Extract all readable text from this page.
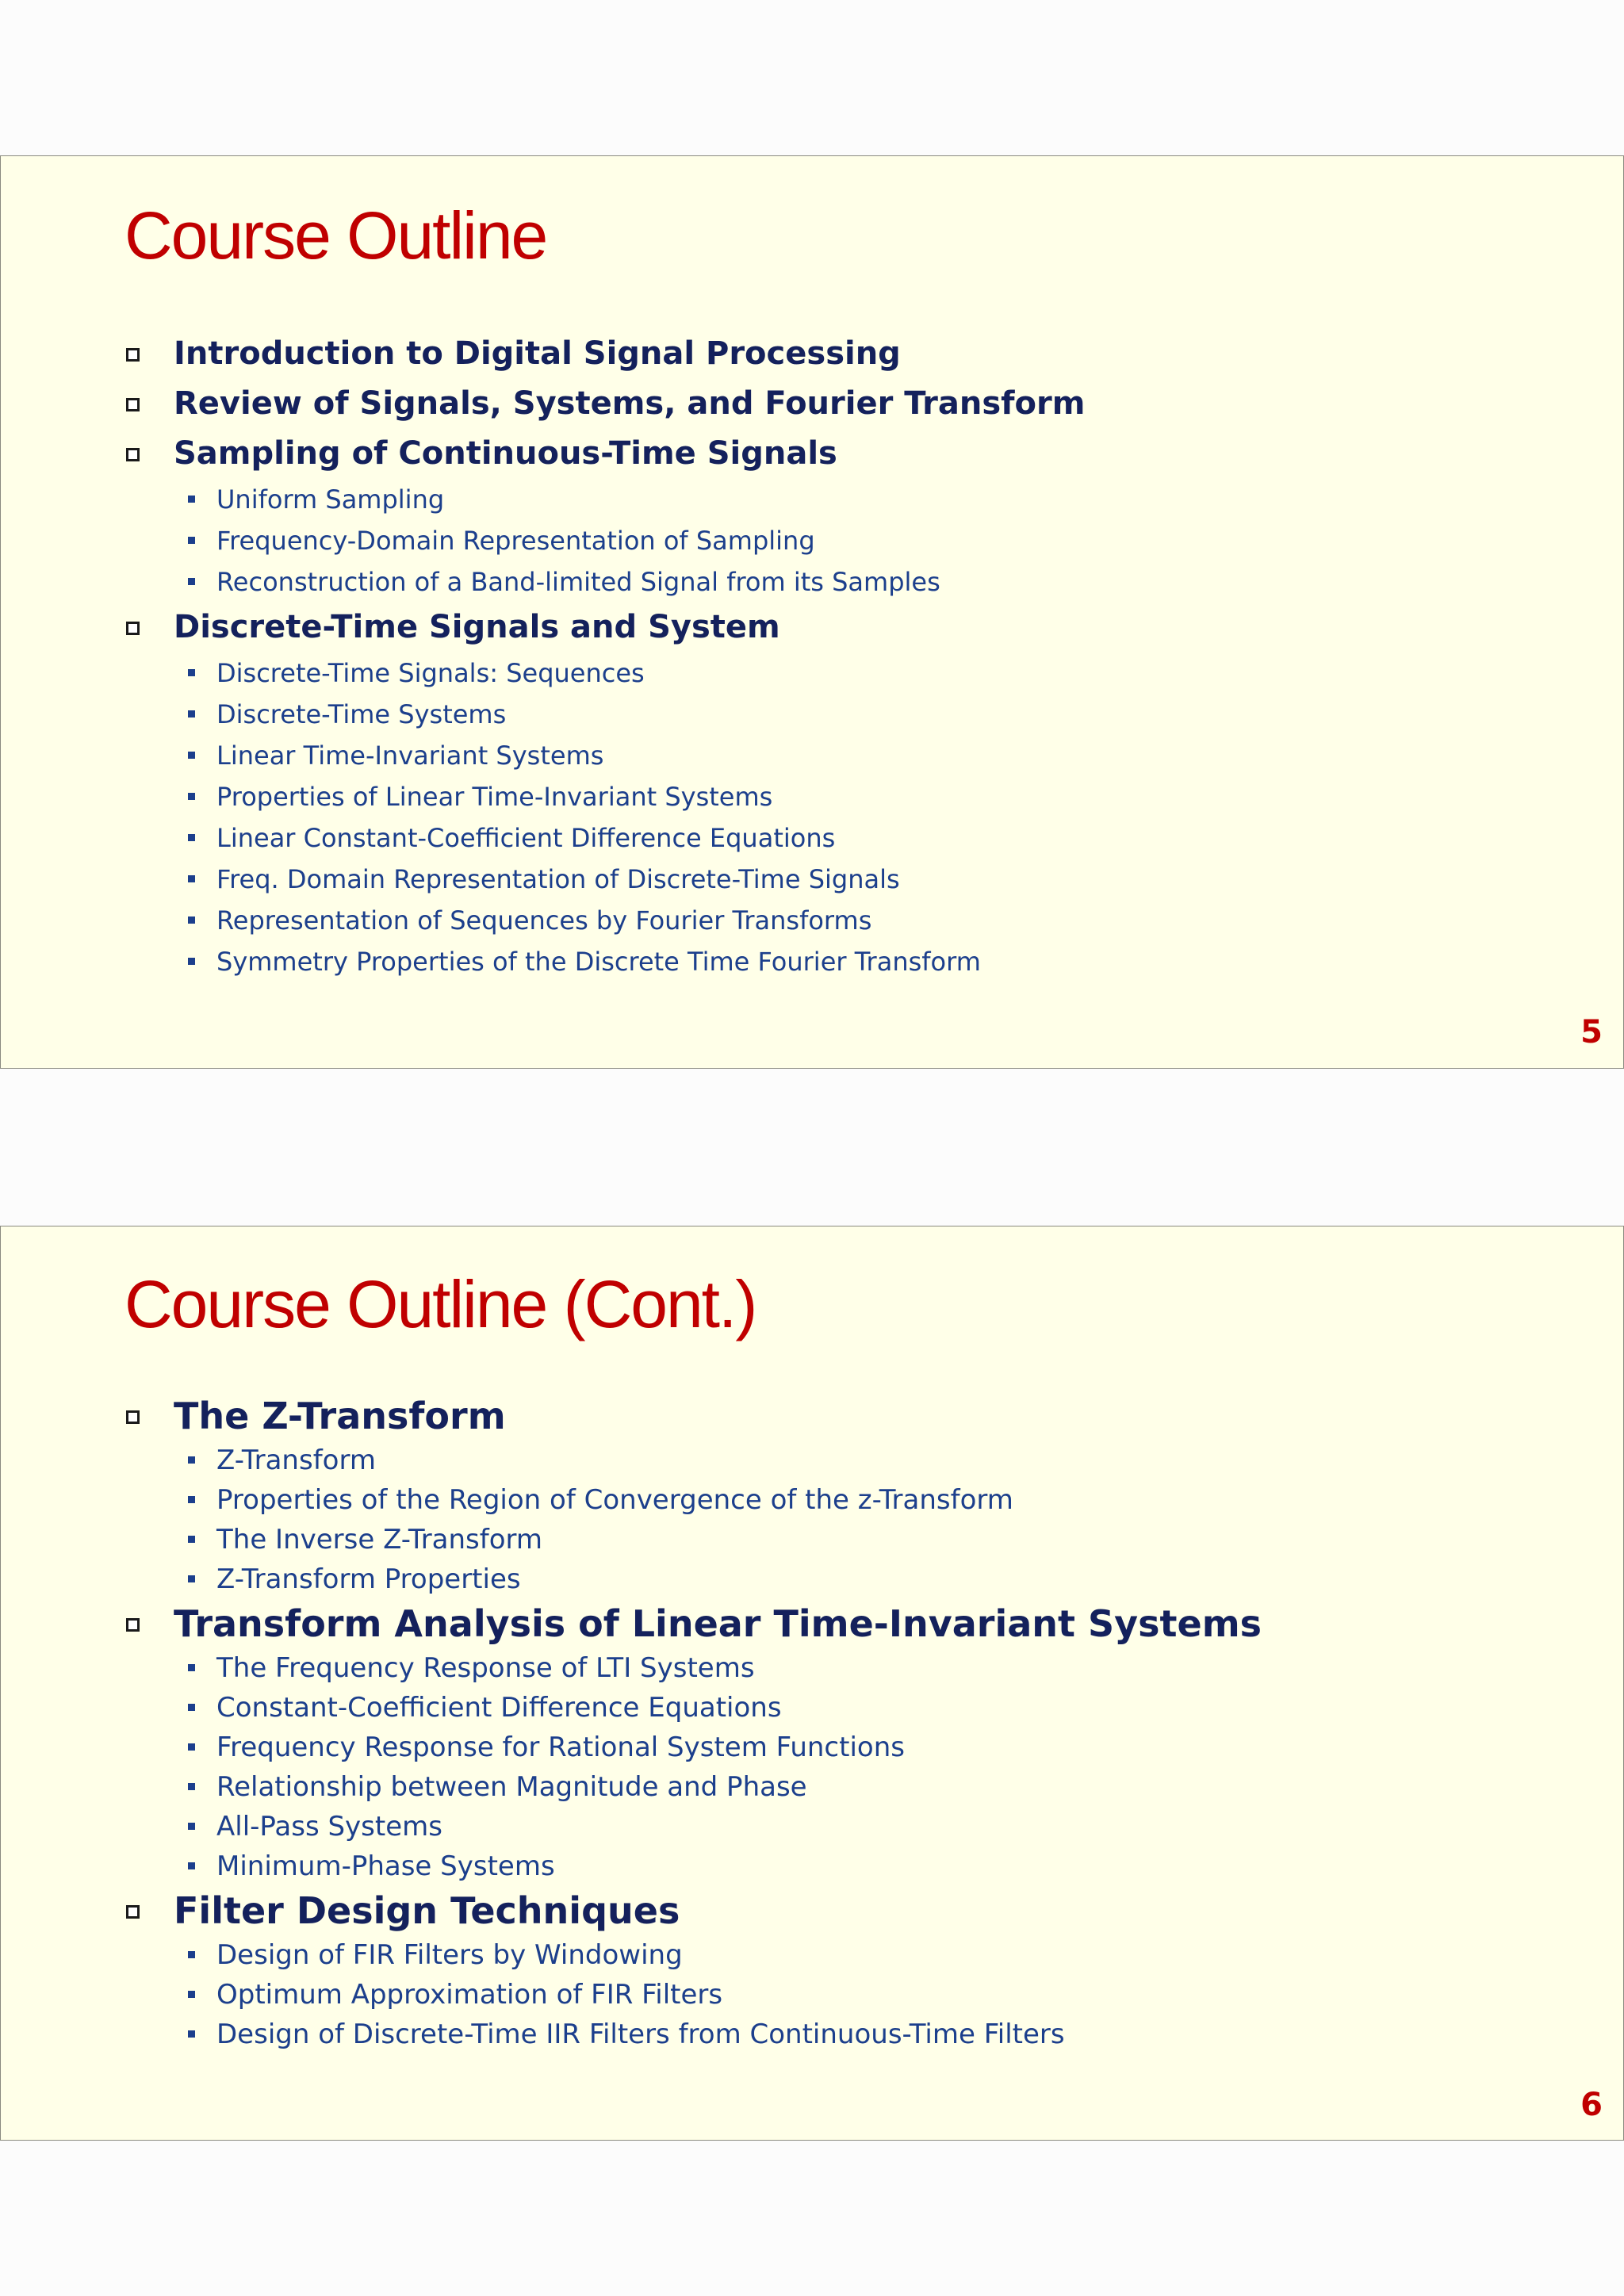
Course Outline
Introduction to Digital Signal Processing
Review of Signals, Systems, and Fourier Transform
Sampling of Continuous-Time Signals
Uniform Sampling
Frequency-Domain Representation of Sampling
Reconstruction of a Band-limited Signal from its Samples
Discrete-Time Signals and System
Discrete-Time Signals: Sequences
Discrete-Time Systems
Linear Time-Invariant Systems
Properties of Linear Time-Invariant Systems
Linear Constant-Coefficient Difference Equations
Freq. Domain Representation of Discrete-Time Signals
Representation of Sequences by Fourier Transforms
Symmetry Properties of the Discrete Time Fourier Transform
5
Course Outline (Cont.)
The Z-Transform
Z-Transform
Properties of the Region of Convergence of the z-Transform
The Inverse Z-Transform
Z-Transform Properties
Transform Analysis of Linear Time-Invariant Systems
The Frequency Response of LTI Systems
Constant-Coefficient Difference Equations
Frequency Response for Rational System Functions
Relationship between Magnitude and Phase
All-Pass Systems
Minimum-Phase Systems
Filter Design Techniques
Design of FIR Filters by Windowing
Optimum Approximation of FIR Filters
Design of Discrete-Time IIR Filters from Continuous-Time Filters
6
